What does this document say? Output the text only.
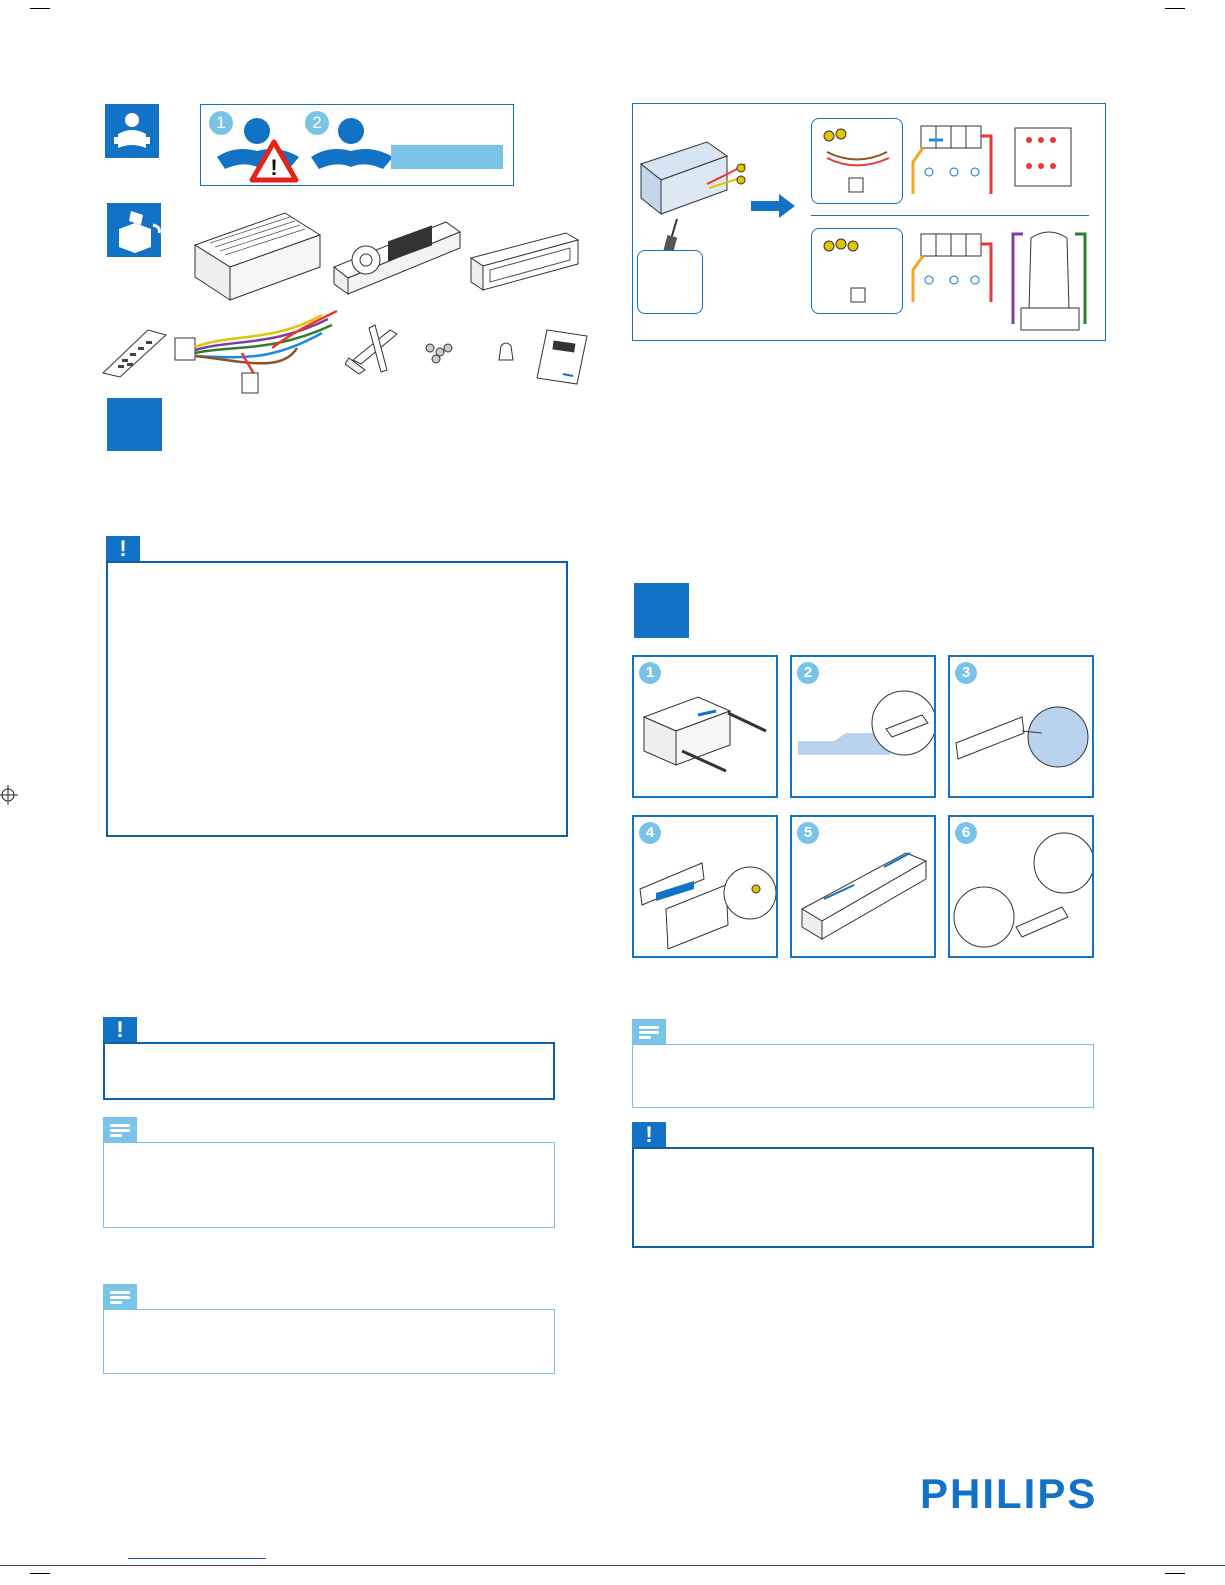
1
!
2
!
!
1	2	3
4	5	6
!
PHILIPS
